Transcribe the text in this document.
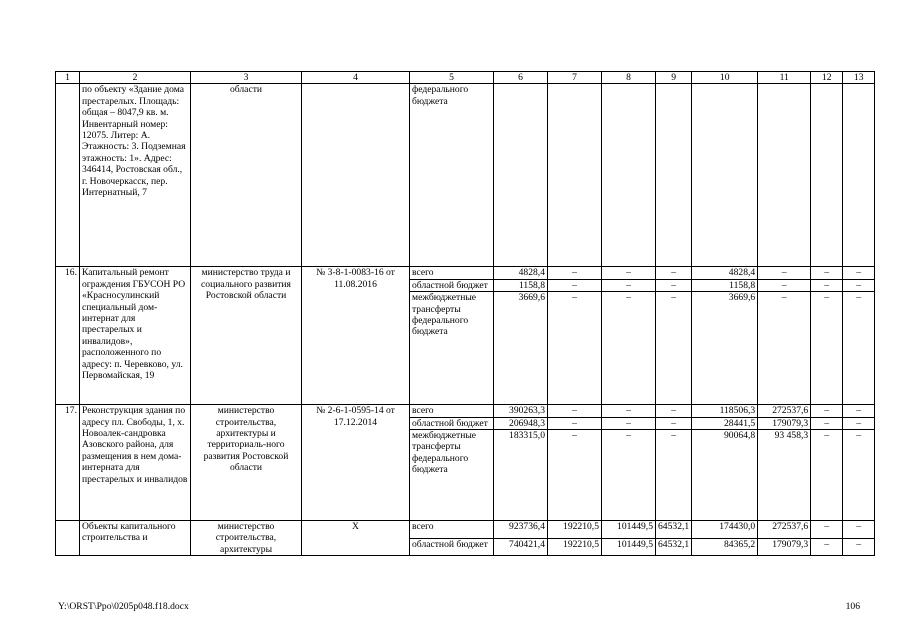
1	2	3	4	5	6	7	8	9	10	11	12	13
	по объекту «Здание дома престарелых. Площадь: общая – 8047,9 кв. м. Инвентарный номер: 12075. Литер: А. Этажность: 3. Подземная этажность: 1». Адрес: 346414, Ростовская обл., г. Новочеркасск, пер. Интернатный, 7	области		федерального бюджета								
16.	Капитальный ремонт ограждения ГБУСОН РО «Красносулинский специальный дом-интернат для престарелых и инвалидов», расположенного по адресу: п. Черевково, ул. Первомайская, 19	министерство труда и социального развития Ростовской области	№ 3-8-1-0083-16 от 11.08.2016	всего	4828,4	–	–	–	4828,4	–	–	–
				областной бюджет	1158,8	–	–	–	1158,8	–	–	–
				межбюджетные трансферты федерального бюджета	3669,6	–	–	–	3669,6	–	–	–
17.	Реконструкция здания по адресу пл. Свободы, 1, х. Новоалек-сандровка Азовского района, для размещения в нем дома-интерната для престарелых и инвалидов	министерство строительства, архитектуры и территориаль-ного развития Ростовской области	№ 2-6-1-0595-14 от 17.12.2014	всего	390263,3	–	–	–	118506,3	272537,6	–	–
				областной бюджет	206948,3	–	–	–	28441,5	179079,3	–	–
				межбюджетные трансферты федерального бюджета	183315,0	–	–	–	90064,8	93 458,3	–	–
	Объекты капитального строительства и	министерство строительства, архитектуры	Х	всего	923736,4	192210,5	101449,5	64532,1	174430,0	272537,6	–	–
				областной бюджет	740421,4	192210,5	101449,5	64532,1	84365,2	179079,3	–	–
Y:\ORST\Ppo\0205p048.f18.docx	106
